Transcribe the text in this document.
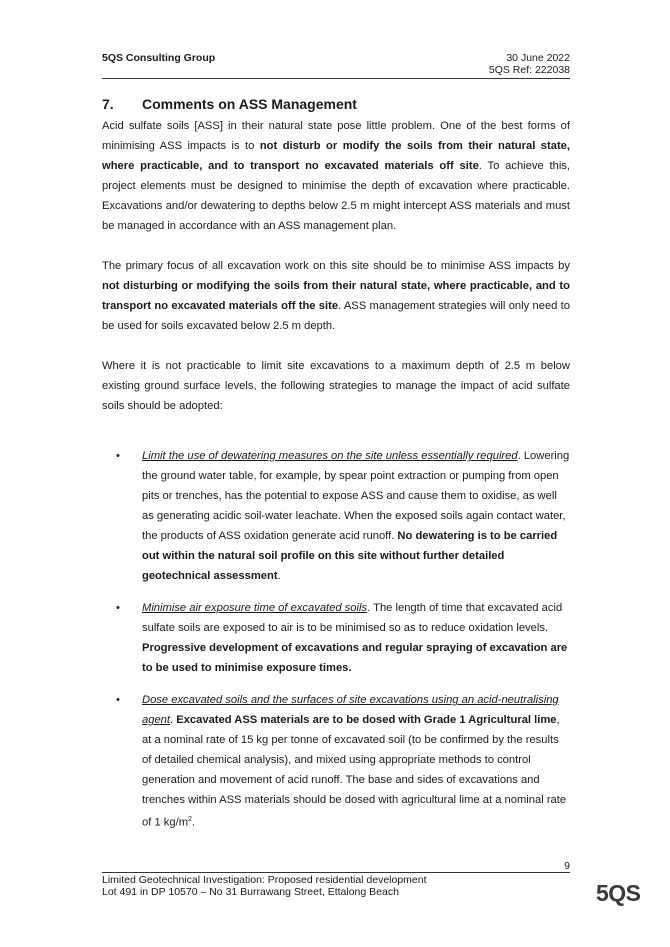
5QS Consulting Group	30 June 2022
5QS Ref: 222038
7. Comments on ASS Management

Acid sulfate soils [ASS] in their natural state pose little problem. One of the best forms of minimising ASS impacts is to not disturb or modify the soils from their natural state, where practicable, and to transport no excavated materials off site. To achieve this, project elements must be designed to minimise the depth of excavation where practicable. Excavations and/or dewatering to depths below 2.5 m might intercept ASS materials and must be managed in accordance with an ASS management plan.

The primary focus of all excavation work on this site should be to minimise ASS impacts by not disturbing or modifying the soils from their natural state, where practicable, and to transport no excavated materials off the site. ASS management strategies will only need to be used for soils excavated below 2.5 m depth.

Where it is not practicable to limit site excavations to a maximum depth of 2.5 m below existing ground surface levels, the following strategies to manage the impact of acid sulfate soils should be adopted:

• Limit the use of dewatering measures on the site unless essentially required. Lowering the ground water table, for example, by spear point extraction or pumping from open pits or trenches, has the potential to expose ASS and cause them to oxidise, as well as generating acidic soil-water leachate. When the exposed soils again contact water, the products of ASS oxidation generate acid runoff. No dewatering is to be carried out within the natural soil profile on this site without further detailed geotechnical assessment.
• Minimise air exposure time of excavated soils. The length of time that excavated acid sulfate soils are exposed to air is to be minimised so as to reduce oxidation levels. Progressive development of excavations and regular spraying of excavation are to be used to minimise exposure times.
• Dose excavated soils and the surfaces of site excavations using an acid-neutralising agent. Excavated ASS materials are to be dosed with Grade 1 Agricultural lime, at a nominal rate of 15 kg per tonne of excavated soil (to be confirmed by the results of detailed chemical analysis), and mixed using appropriate methods to control generation and movement of acid runoff. The base and sides of excavations and trenches within ASS materials should be dosed with agricultural lime at a nominal rate of 1 $kg/m^2$.
9
Limited Geotechnical Investigation: Proposed residential development
Lot 491 in DP 10570 – No 31 Burrawang Street, Ettalong Beach	5QS
